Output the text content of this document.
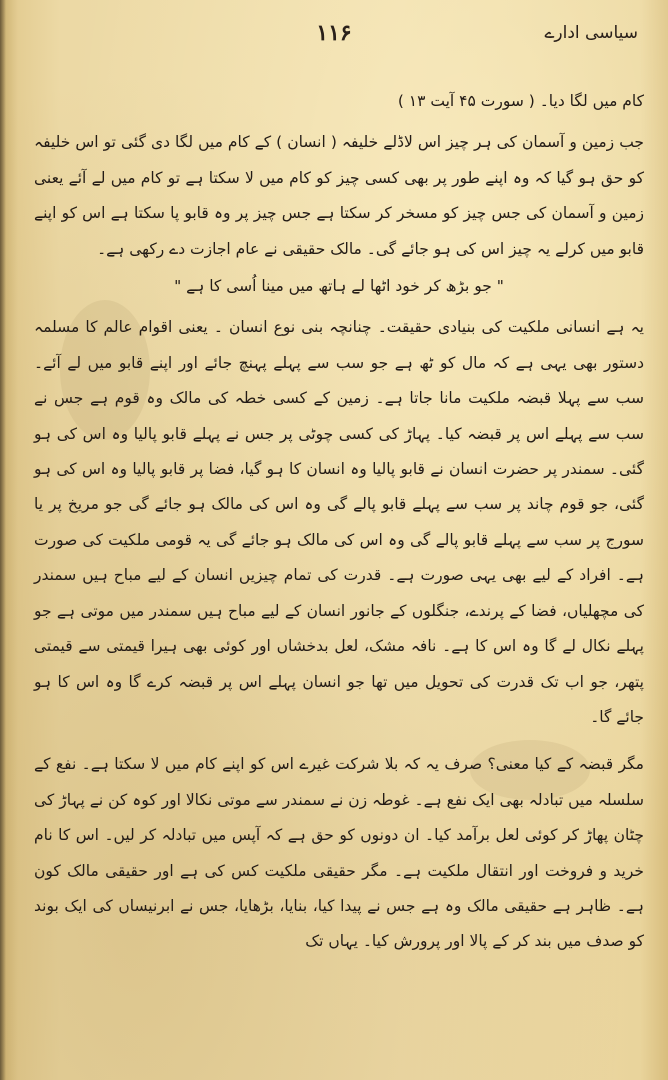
۱۱۶	سیاسی ادارے

کام میں لگا دیا۔ ( سورت ۴۵ آیت ۱۳ )

جب زمین و آسمان کی ہر چیز اس لاڈلے خلیفہ ( انسان ) کے کام میں لگا دی گئی تو اس خلیفہ کو حق ہو گیا کہ وہ اپنے طور پر بھی کسی چیز کو کام میں لا سکتا ہے تو کام میں لے آئے یعنی زمین و آسمان کی جس چیز کو مسخر کر سکتا ہے جس چیز پر وہ قابو پا سکتا ہے اس کو اپنے قابو میں کرلے یہ چیز اس کی ہو جائے گی۔ مالک حقیقی نے عام اجازت دے رکھی ہے۔

" جو بڑھ کر خود اٹھا لے ہاتھ میں مینا اُسی کا ہے "

یہ ہے انسانی ملکیت کی بنیادی حقیقت۔ چنانچہ بنی نوع انسان ۔ یعنی اقوام عالم کا مسلمہ دستور بھی یہی ہے کہ مال کو ٹھ ہے جو سب سے پہلے پہنچ جائے اور اپنے قابو میں لے آئے۔ سب سے پہلا قبضہ ملکیت مانا جاتا ہے۔ زمین کے کسی خطہ کی مالک وہ قوم ہے جس نے سب سے پہلے اس پر قبضہ کیا۔ پہاڑ کی کسی چوٹی پر جس نے پہلے قابو پالیا وہ اس کی ہو گئی۔ سمندر پر حضرت انسان نے قابو پالیا وہ انسان کا ہو گیا، فضا پر قابو پالیا وہ اس کی ہو گئی، جو قوم چاند پر سب سے پہلے قابو پالے گی وہ اس کی مالک ہو جائے گی جو مریخ پر یا سورج پر سب سے پہلے قابو پالے گی وہ اس کی مالک ہو جائے گی یہ قومی ملکیت کی صورت ہے۔ افراد کے لیے بھی یہی صورت ہے۔ قدرت کی تمام چیزیں انسان کے لیے مباح ہیں سمندر کی مچھلیاں، فضا کے پرندے، جنگلوں کے جانور انسان کے لیے مباح ہیں سمندر میں موتی ہے جو پہلے نکال لے گا وہ اس کا ہے۔ نافہ مشک، لعل بدخشاں اور کوئی بھی ہیرا قیمتی سے قیمتی پتھر، جو اب تک قدرت کی تحویل میں تھا جو انسان پہلے اس پر قبضہ کرے گا وہ اس کا ہو جائے گا۔

مگر قبضہ کے کیا معنی؟ صرف یہ کہ بلا شرکت غیرے اس کو اپنے کام میں لا سکتا ہے۔ نفع کے سلسلہ میں تبادلہ بھی ایک نفع ہے۔ غوطہ زن نے سمندر سے موتی نکالا اور کوہ کن نے پہاڑ کی چٹان پھاڑ کر کوئی لعل برآمد کیا۔ ان دونوں کو حق ہے کہ آپس میں تبادلہ کر لیں۔ اس کا نام خرید و فروخت اور انتقال ملکیت ہے۔ مگر حقیقی ملکیت کس کی ہے اور حقیقی مالک کون ہے۔ ظاہر ہے حقیقی مالک وہ ہے جس نے پیدا کیا، بنایا، بڑھایا، جس نے ابرنیساں کی ایک بوند کو صدف میں بند کر کے پالا اور پرورش کیا۔ یہاں تک
